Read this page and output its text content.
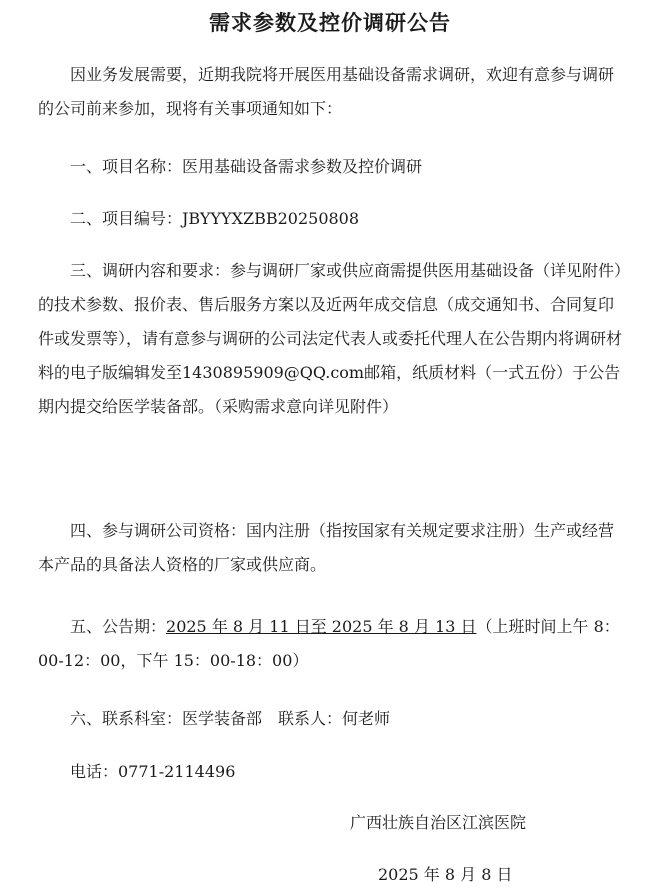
需求参数及控价调研公告

因业务发展需要，近期我院将开展医用基础设备需求调研，欢迎有意参与调研的公司前来参加，现将有关事项通知如下：

一、项目名称：医用基础设备需求参数及控价调研

二、项目编号：JBYYYXZBB20250808

三、调研内容和要求：参与调研厂家或供应商需提供医用基础设备（详见附件）的技术参数、报价表、售后服务方案以及近两年成交信息（成交通知书、合同复印件或发票等），请有意参与调研的公司法定代表人或委托代理人在公告期内将调研材料的电子版编辑发至1430895909@QQ.com邮箱，纸质材料（一式五份）于公告期内提交给医学装备部。（采购需求意向详见附件）

四、参与调研公司资格：国内注册（指按国家有关规定要求注册）生产或经营本产品的具备法人资格的厂家或供应商。

五、公告期：2025 年 8 月 11 日至 2025 年 8 月 13 日（上班时间上午 8：00-12：00，下午 15：00-18：00）

六、联系科室：医学装备部　联系人：何老师

电话：0771-2114496

广西壮族自治区江滨医院
2025 年 8 月 8 日
